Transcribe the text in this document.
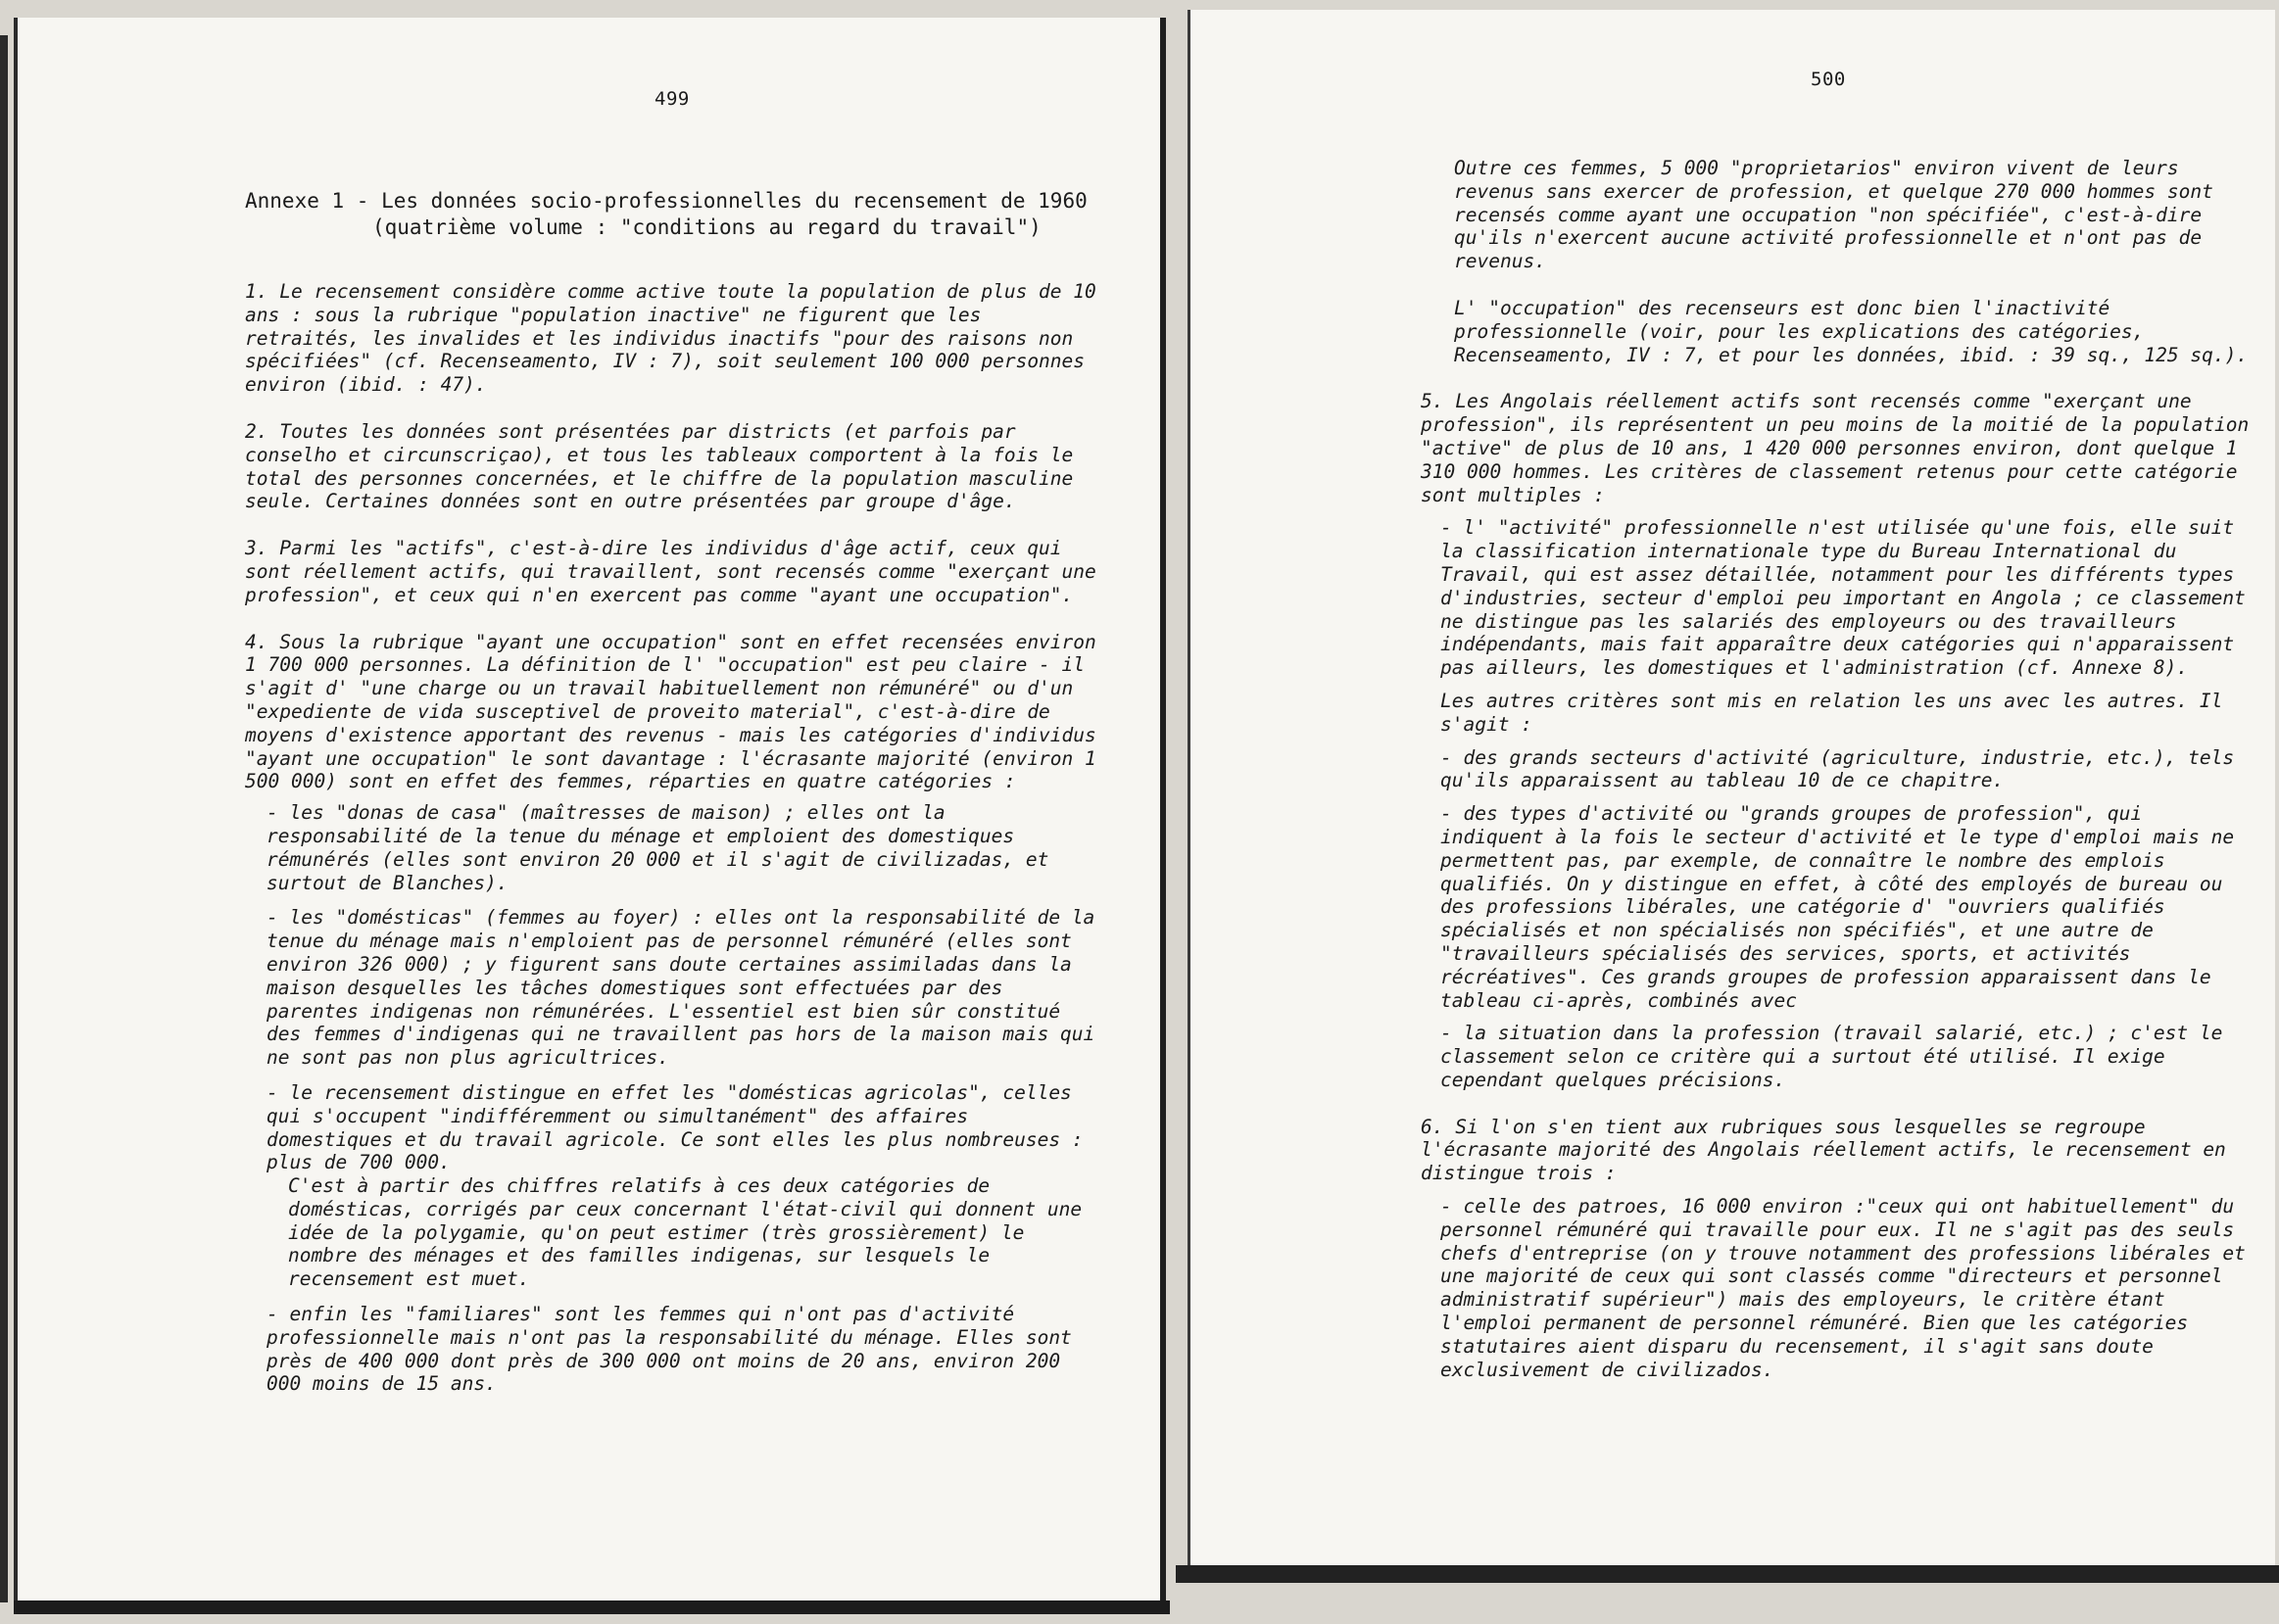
499
Annexe 1 - Les données socio-professionnelles du recensement de 1960
(quatrième volume : "conditions au regard du travail")

1. Le recensement considère comme active toute la population de plus de 10 ans : sous la rubrique "population inactive" ne figurent que les retraités, les invalides et les individus inactifs "pour des raisons non spécifiées" (cf. Recenseamento, IV : 7), soit seulement 100 000 personnes environ (ibid. : 47).

2. Toutes les données sont présentées par districts (et parfois par conselho et circunscriçao), et tous les tableaux comportent à la fois le total des personnes concernées, et le chiffre de la population masculine seule. Certaines données sont en outre présentées par groupe d'âge.

3. Parmi les "actifs", c'est-à-dire les individus d'âge actif, ceux qui sont réellement actifs, qui travaillent, sont recensés comme "exerçant une profession", et ceux qui n'en exercent pas comme "ayant une occupation".

4. Sous la rubrique "ayant une occupation" sont en effet recensées environ 1 700 000 personnes. La définition de l' "occupation" est peu claire - il s'agit d' "une charge ou un travail habituellement non rémunéré" ou d'un "expediente de vida susceptivel de proveito material", c'est-à-dire de moyens d'existence apportant des revenus - mais les catégories d'individus "ayant une occupation" le sont davantage : l'écrasante majorité (environ 1 500 000) sont en effet des femmes, réparties en quatre catégories :

- les "donas de casa" (maîtresses de maison) ; elles ont la responsabilité de la tenue du ménage et emploient des domestiques rémunérés (elles sont environ 20 000 et il s'agit de civilizadas, et surtout de Blanches).

- les "domésticas" (femmes au foyer) : elles ont la responsabilité de la tenue du ménage mais n'emploient pas de personnel rémunéré (elles sont environ 326 000) ; y figurent sans doute certaines assimiladas dans la maison desquelles les tâches domestiques sont effectuées par des parentes indigenas non rémunérées. L'essentiel est bien sûr constitué des femmes d'indigenas qui ne travaillent pas hors de la maison mais qui ne sont pas non plus agricultrices.

- le recensement distingue en effet les "domésticas agricolas", celles qui s'occupent "indifféremment ou simultanément" des affaires domestiques et du travail agricole. Ce sont elles les plus nombreuses : plus de 700 000.

C'est à partir des chiffres relatifs à ces deux catégories de domésticas, corrigés par ceux concernant l'état-civil qui donnent une idée de la polygamie, qu'on peut estimer (très grossièrement) le nombre des ménages et des familles indigenas, sur lesquels le recensement est muet.

- enfin les "familiares" sont les femmes qui n'ont pas d'activité professionnelle mais n'ont pas la responsabilité du ménage. Elles sont près de 400 000 dont près de 300 000 ont moins de 20 ans, environ 200 000 moins de 15 ans.

500

Outre ces femmes, 5 000 "proprietarios" environ vivent de leurs revenus sans exercer de profession, et quelque 270 000 hommes sont recensés comme ayant une occupation "non spécifiée", c'est-à-dire qu'ils n'exercent aucune activité professionnelle et n'ont pas de revenus.

L' "occupation" des recenseurs est donc bien l'inactivité professionnelle (voir, pour les explications des catégories, Recenseamento, IV : 7, et pour les données, ibid. : 39 sq., 125 sq.).

5. Les Angolais réellement actifs sont recensés comme "exerçant une profession", ils représentent un peu moins de la moitié de la population "active" de plus de 10 ans, 1 420 000 personnes environ, dont quelque 1 310 000 hommes. Les critères de classement retenus pour cette catégorie sont multiples :

- l' "activité" professionnelle n'est utilisée qu'une fois, elle suit la classification internationale type du Bureau International du Travail, qui est assez détaillée, notamment pour les différents types d'industries, secteur d'emploi peu important en Angola ; ce classement ne distingue pas les salariés des employeurs ou des travailleurs indépendants, mais fait apparaître deux catégories qui n'apparaissent pas ailleurs, les domestiques et l'administration (cf. Annexe 8).

Les autres critères sont mis en relation les uns avec les autres. Il s'agit :

- des grands secteurs d'activité (agriculture, industrie, etc.), tels qu'ils apparaissent au tableau 10 de ce chapitre.

- des types d'activité ou "grands groupes de profession", qui indiquent à la fois le secteur d'activité et le type d'emploi mais ne permettent pas, par exemple, de connaître le nombre des emplois qualifiés. On y distingue en effet, à côté des employés de bureau ou des professions libérales, une catégorie d' "ouvriers qualifiés spécialisés et non spécialisés non spécifiés", et une autre de "travailleurs spécialisés des services, sports, et activités récréatives". Ces grands groupes de profession apparaissent dans le tableau ci-après, combinés avec

- la situation dans la profession (travail salarié, etc.) ; c'est le classement selon ce critère qui a surtout été utilisé. Il exige cependant quelques précisions.

6. Si l'on s'en tient aux rubriques sous lesquelles se regroupe l'écrasante majorité des Angolais réellement actifs, le recensement en distingue trois :

- celle des patroes, 16 000 environ :"ceux qui ont habituellement" du personnel rémunéré qui travaille pour eux. Il ne s'agit pas des seuls chefs d'entreprise (on y trouve notamment des professions libérales et une majorité de ceux qui sont classés comme "directeurs et personnel administratif supérieur") mais des employeurs, le critère étant l'emploi permanent de personnel rémunéré. Bien que les catégories statutaires aient disparu du recensement, il s'agit sans doute exclusivement de civilizados.
